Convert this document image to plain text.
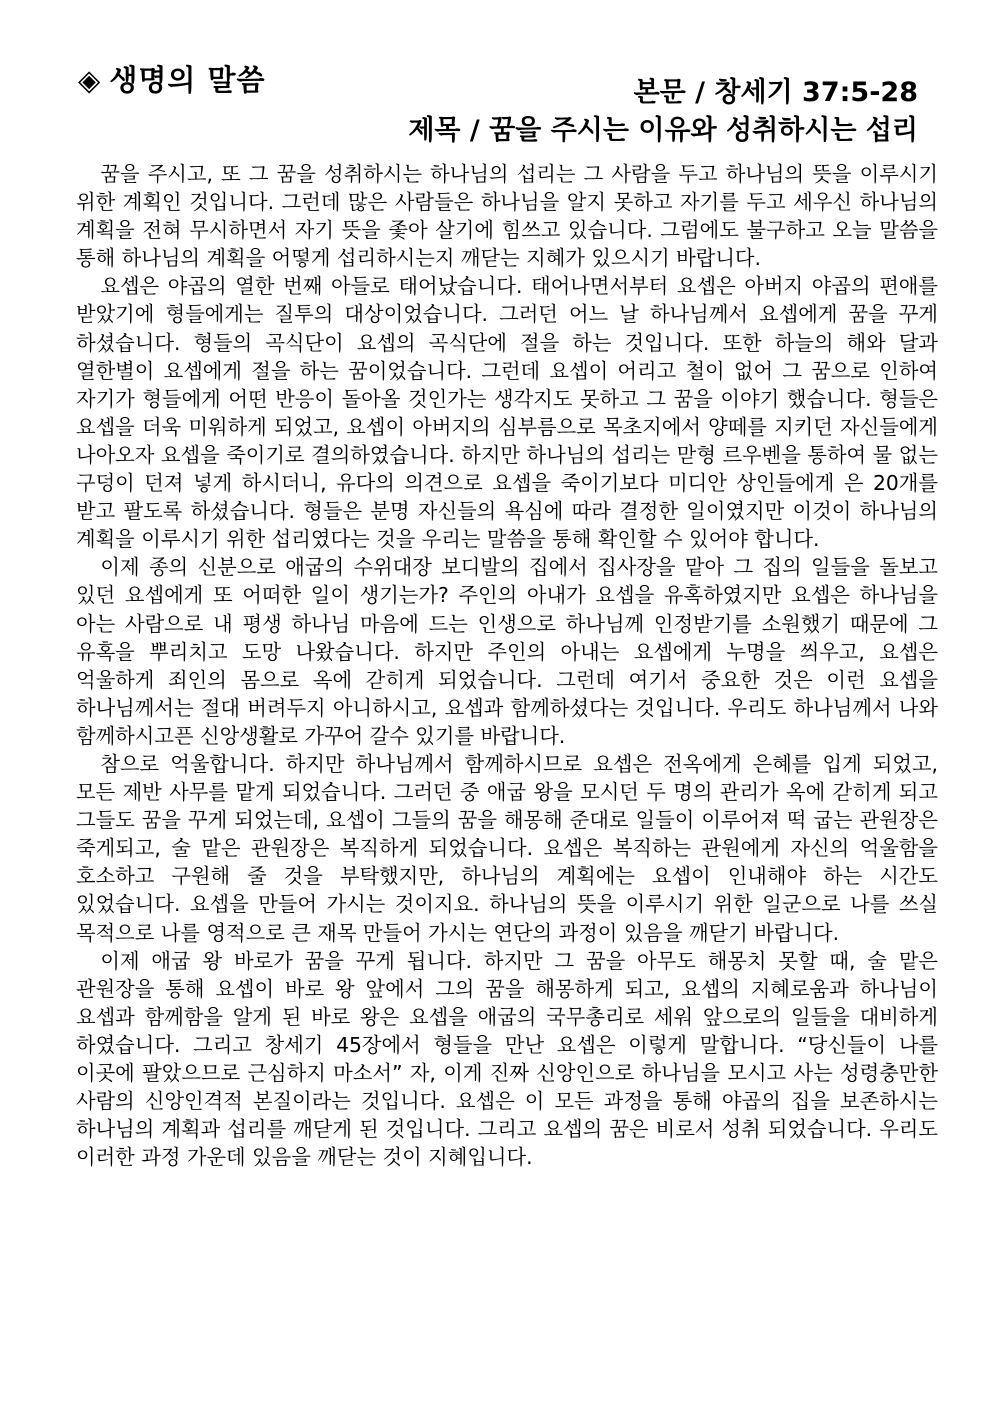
◈ 생명의 말씀	본문 / 창세기 37:5-28
제목 / 꿈을 주시는 이유와 성취하시는 섭리

꿈을 주시고, 또 그 꿈을 성취하시는 하나님의 섭리는 그 사람을 두고 하나님의 뜻을 이루시기 위한 계획인 것입니다. 그런데 많은 사람들은 하나님을 알지 못하고 자기를 두고 세우신 하나님의 계획을 전혀 무시하면서 자기 뜻을 좇아 살기에 힘쓰고 있습니다. 그럼에도 불구하고 오늘 말씀을 통해 하나님의 계획을 어떻게 섭리하시는지 깨닫는 지혜가 있으시기 바랍니다.

요셉은 야곱의 열한 번째 아들로 태어났습니다. 태어나면서부터 요셉은 아버지 야곱의 편애를 받았기에 형들에게는 질투의 대상이었습니다. 그러던 어느 날 하나님께서 요셉에게 꿈을 꾸게 하셨습니다. 형들의 곡식단이 요셉의 곡식단에 절을 하는 것입니다. 또한 하늘의 해와 달과 열한별이 요셉에게 절을 하는 꿈이었습니다. 그런데 요셉이 어리고 철이 없어 그 꿈으로 인하여 자기가 형들에게 어떤 반응이 돌아올 것인가는 생각지도 못하고 그 꿈을 이야기 했습니다. 형들은 요셉을 더욱 미워하게 되었고, 요셉이 아버지의 심부름으로 목초지에서 양떼를 지키던 자신들에게 나아오자 요셉을 죽이기로 결의하였습니다. 하지만 하나님의 섭리는 맏형 르우벤을 통하여 물 없는 구덩이 던져 넣게 하시더니, 유다의 의견으로 요셉을 죽이기보다 미디안 상인들에게 은 20개를 받고 팔도록 하셨습니다. 형들은 분명 자신들의 욕심에 따라 결정한 일이였지만 이것이 하나님의 계획을 이루시기 위한 섭리였다는 것을 우리는 말씀을 통해 확인할 수 있어야 합니다.

이제 종의 신분으로 애굽의 수위대장 보디발의 집에서 집사장을 맡아 그 집의 일들을 돌보고 있던 요셉에게 또 어떠한 일이 생기는가? 주인의 아내가 요셉을 유혹하였지만 요셉은 하나님을 아는 사람으로 내 평생 하나님 마음에 드는 인생으로 하나님께 인정받기를 소원했기 때문에 그 유혹을 뿌리치고 도망 나왔습니다. 하지만 주인의 아내는 요셉에게 누명을 씌우고, 요셉은 억울하게 죄인의 몸으로 옥에 갇히게 되었습니다. 그런데 여기서 중요한 것은 이런 요셉을 하나님께서는 절대 버려두지 아니하시고, 요셉과 함께하셨다는 것입니다. 우리도 하나님께서 나와 함께하시고픈 신앙생활로 가꾸어 갈수 있기를 바랍니다.

참으로 억울합니다. 하지만 하나님께서 함께하시므로 요셉은 전옥에게 은혜를 입게 되었고, 모든 제반 사무를 맡게 되었습니다. 그러던 중 애굽 왕을 모시던 두 명의 관리가 옥에 갇히게 되고 그들도 꿈을 꾸게 되었는데, 요셉이 그들의 꿈을 해몽해 준대로 일들이 이루어져 떡 굽는 관원장은 죽게되고, 술 맡은 관원장은 복직하게 되었습니다. 요셉은 복직하는 관원에게 자신의 억울함을 호소하고 구원해 줄 것을 부탁했지만, 하나님의 계획에는 요셉이 인내해야 하는 시간도 있었습니다. 요셉을 만들어 가시는 것이지요. 하나님의 뜻을 이루시기 위한 일군으로 나를 쓰실 목적으로 나를 영적으로 큰 재목 만들어 가시는 연단의 과정이 있음을 깨닫기 바랍니다.

이제 애굽 왕 바로가 꿈을 꾸게 됩니다. 하지만 그 꿈을 아무도 해몽치 못할 때, 술 맡은 관원장을 통해 요셉이 바로 왕 앞에서 그의 꿈을 해몽하게 되고, 요셉의 지혜로움과 하나님이 요셉과 함께함을 알게 된 바로 왕은 요셉을 애굽의 국무총리로 세워 앞으로의 일들을 대비하게 하였습니다. 그리고 창세기 45장에서 형들을 만난 요셉은 이렇게 말합니다. “당신들이 나를 이곳에 팔았으므로 근심하지 마소서” 자, 이게 진짜 신앙인으로 하나님을 모시고 사는 성령충만한 사람의 신앙인격적 본질이라는 것입니다. 요셉은 이 모든 과정을 통해 야곱의 집을 보존하시는 하나님의 계획과 섭리를 깨닫게 된 것입니다. 그리고 요셉의 꿈은 비로서 성취 되었습니다. 우리도 이러한 과정 가운데 있음을 깨닫는 것이 지혜입니다.
